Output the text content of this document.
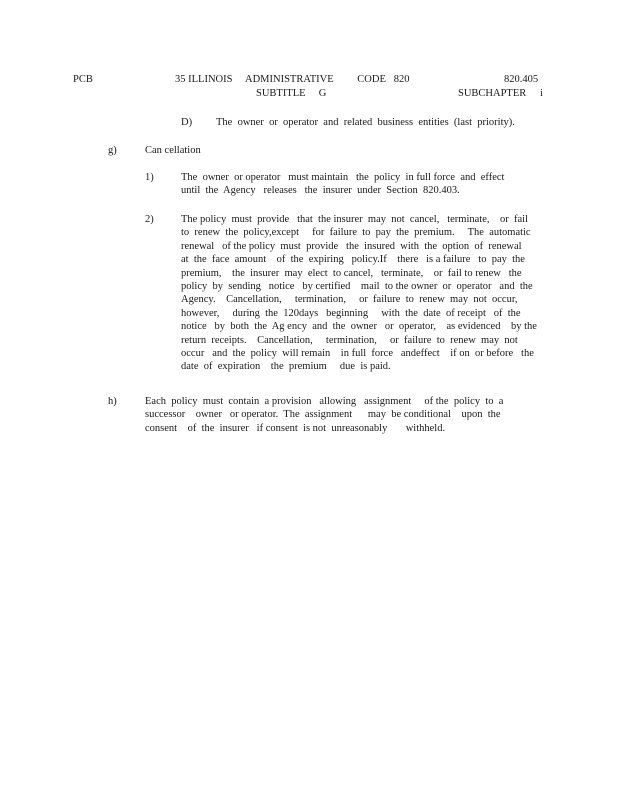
PCB	35 ILLINOIS     ADMINISTRATIVE         CODE   820	820.405
SUBTITLE     G	SUBCHAPTER i
D) The  owner  or  operator  and  related  business  entities  (last  priority).
g)	Can cellation
1)	The  owner  or operator   must maintain   the  policy  in full force  and  effect
until  the  Agency   releases   the  insurer  under  Section  820.403.
2)	The policy  must  provide   that  the insurer  may  not  cancel,   terminate,    or  fail
to  renew  the  policy,except     for  failure  to  pay  the  premium.     The  automatic
renewal   of the policy  must  provide   the  insured  with  the  option  of  renewal
at  the  face  amount    of  the  expiring   policy.If    there   is a failure   to  pay  the
premium,    the  insurer  may  elect  to cancel,   terminate,    or  fail to renew   the
policy  by  sending   notice   by certified    mail  to the owner  or  operator   and  the
Agency.    Cancellation,     termination,     or  failure  to  renew  may  not  occur,
however,     during  the  120days   beginning     with  the  date  of receipt   of  the
notice   by  both  the  Ag ency  and  the  owner   or  operator,    as evidenced    by the
return  receipts.    Cancellation,     termination,     or  failure  to  renew  may  not
occur   and  the  policy  will remain    in full  force   andeffect    if on  or before   the
date  of  expiration    the  premium     due  is paid.
h)	Each  policy  must  contain  a provision   allowing   assignment     of the  policy  to  a
successor    owner   or operator.  The  assignment      may  be conditional    upon  the
consent    of  the  insurer   if consent  is not  unreasonably       withheld.
